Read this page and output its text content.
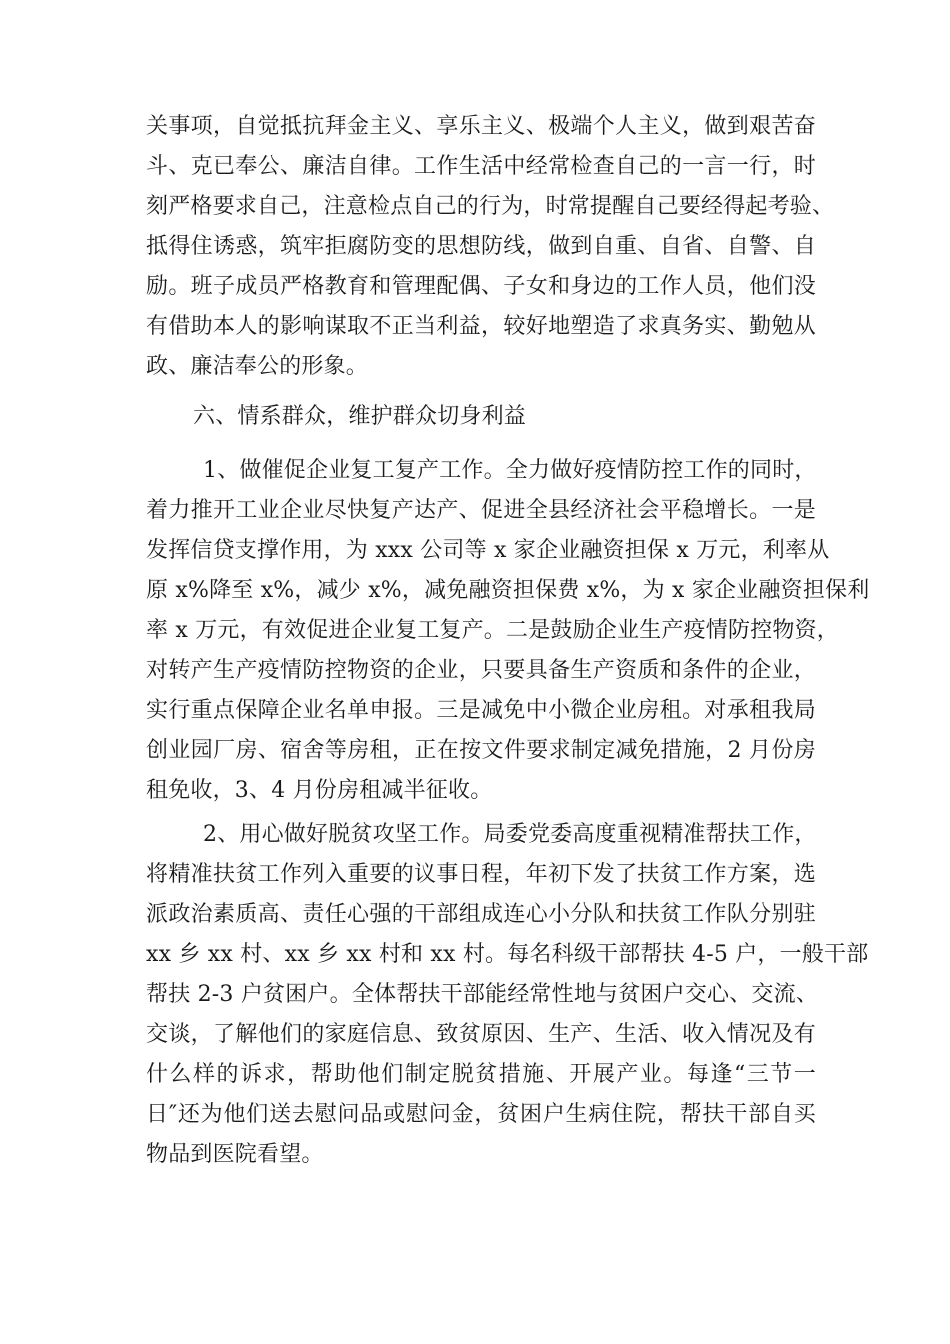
关事项，自觉抵抗拜金主义、享乐主义、极端个人主义，做到艰苦奋
斗、克已奉公、廉洁自律。工作生活中经常检查自己的一言一行，时
刻严格要求自己，注意检点自己的行为，时常提醒自己要经得起考验、
抵得住诱惑，筑牢拒腐防变的思想防线，做到自重、自省、自警、自
励。班子成员严格教育和管理配偶、子女和身边的工作人员，他们没
有借助本人的影响谋取不正当利益，较好地塑造了求真务实、勤勉从
政、廉洁奉公的形象。
六、情系群众，维护群众切身利益
1、做催促企业复工复产工作。全力做好疫情防控工作的同时，
着力推开工业企业尽快复产达产、促进全县经济社会平稳增长。一是
发挥信贷支撑作用，为 xxx 公司等 x 家企业融资担保 x 万元，利率从
原 x%降至 x%，减少 x%，减免融资担保费 x%，为 x 家企业融资担保利
率 x 万元，有效促进企业复工复产。二是鼓励企业生产疫情防控物资，
对转产生产疫情防控物资的企业，只要具备生产资质和条件的企业，
实行重点保障企业名单申报。三是减免中小微企业房租。对承租我局
创业园厂房、宿舍等房租，正在按文件要求制定减免措施，2 月份房
租免收，3、4 月份房租减半征收。
2、用心做好脱贫攻坚工作。局委党委高度重视精准帮扶工作，
将精准扶贫工作列入重要的议事日程，年初下发了扶贫工作方案，选
派政治素质高、责任心强的干部组成连心小分队和扶贫工作队分别驻
xx 乡 xx 村、xx 乡 xx 村和 xx 村。每名科级干部帮扶 4-5 户，一般干部
帮扶 2-3 户贫困户。全体帮扶干部能经常性地与贫困户交心、交流、
交谈，了解他们的家庭信息、致贫原因、生产、生活、收入情况及有
什么样的诉求，帮助他们制定脱贫措施、开展产业。每逢“三节一
日″还为他们送去慰问品或慰问金，贫困户生病住院，帮扶干部自买
物品到医院看望。
